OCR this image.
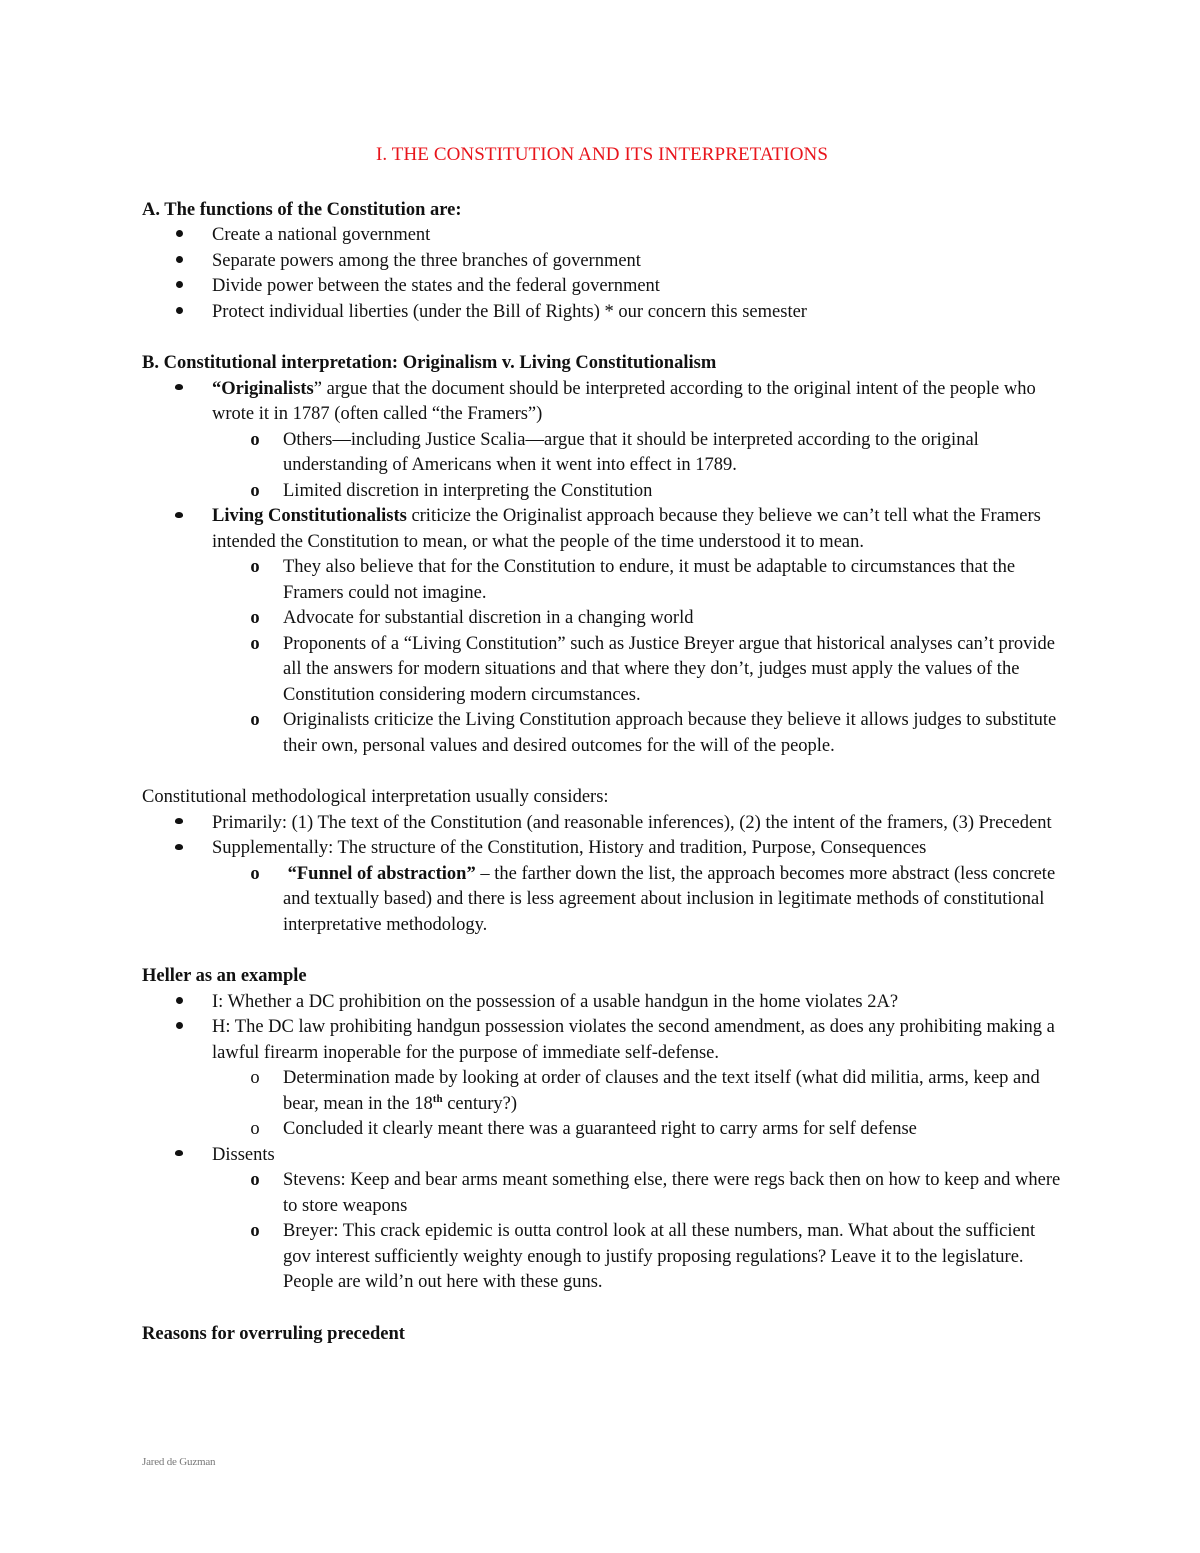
I. THE CONSTITUTION AND ITS INTERPRETATIONS

A. The functions of the Constitution are:

Create a national government
Separate powers among the three branches of government
Divide power between the states and the federal government
Protect individual liberties (under the Bill of Rights) * our concern this semester

B. Constitutional interpretation: Originalism v. Living Constitutionalism

“Originalists” argue that the document should be interpreted according to the original intent of the people who wrote it in 1787 (often called “the Framers”)
o Others—including Justice Scalia—argue that it should be interpreted according to the original understanding of Americans when it went into effect in 1789.
o Limited discretion in interpreting the Constitution
Living Constitutionalists criticize the Originalist approach because they believe we can’t tell what the Framers intended the Constitution to mean, or what the people of the time understood it to mean.
o They also believe that for the Constitution to endure, it must be adaptable to circumstances that the Framers could not imagine.
o Advocate for substantial discretion in a changing world
o Proponents of a “Living Constitution” such as Justice Breyer argue that historical analyses can’t provide all the answers for modern situations and that where they don’t, judges must apply the values of the Constitution considering modern circumstances.
o Originalists criticize the Living Constitution approach because they believe it allows judges to substitute their own, personal values and desired outcomes for the will of the people.

Constitutional methodological interpretation usually considers:

Primarily: (1) The text of the Constitution (and reasonable inferences), (2) the intent of the framers, (3) Precedent
Supplementally: The structure of the Constitution, History and tradition, Purpose, Consequences
o “Funnel of abstraction” – the farther down the list, the approach becomes more abstract (less concrete and textually based) and there is less agreement about inclusion in legitimate methods of constitutional interpretative methodology.

Heller as an example

I: Whether a DC prohibition on the possession of a usable handgun in the home violates 2A?
H: The DC law prohibiting handgun possession violates the second amendment, as does any prohibiting making a lawful firearm inoperable for the purpose of immediate self-defense.
o Determination made by looking at order of clauses and the text itself (what did militia, arms, keep and bear, mean in the 18th century?)
o Concluded it clearly meant there was a guaranteed right to carry arms for self defense
Dissents
o Stevens: Keep and bear arms meant something else, there were regs back then on how to keep and where to store weapons
o Breyer: This crack epidemic is outta control look at all these numbers, man. What about the sufficient gov interest sufficiently weighty enough to justify proposing regulations? Leave it to the legislature. People are wild’n out here with these guns.

Reasons for overruling precedent

Jared de Guzman
